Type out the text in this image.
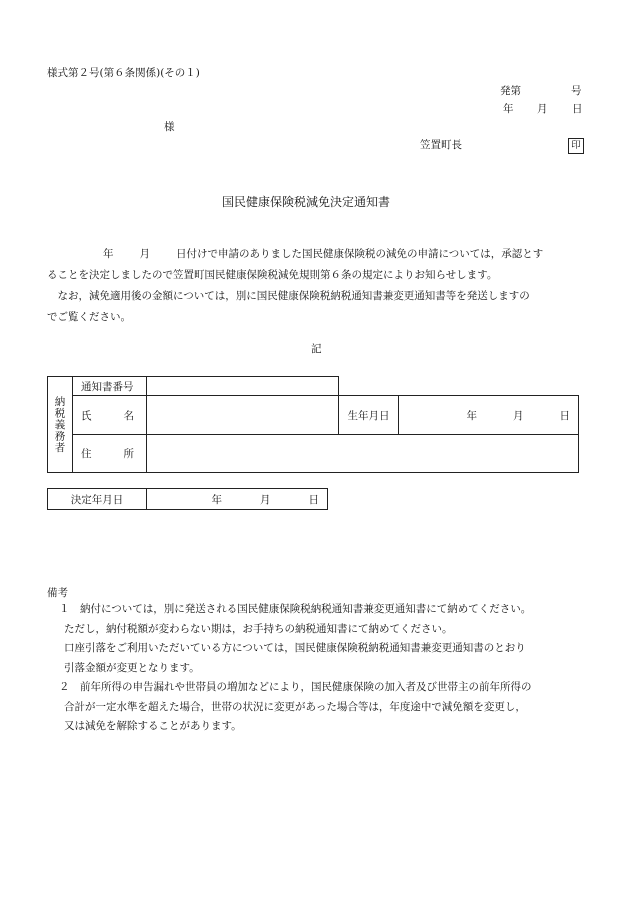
様式第２号(第６条関係)(その１)
発第	号
年 月 日
様
笠置町長	印
国民健康保険税減免決定通知書

年 月 日付けで申請のありました国民健康保険税の減免の申請については，承認とす

ることを決定しましたので笠置町国民健康保険税減免規則第６条の規定によりお知らせします。

　なお，減免適用後の金額については，別に国民健康保険税納税通知書兼変更通知書等を発送しますの

でご覧ください。

記
納税義務者	通知書番号			

	氏 名		生年月日	年 月 日

	住 所			

決定年月日	年	月	日
備考

１　納付については，別に発送される国民健康保険税納税通知書兼変更通知書にて納めてください。

ただし，納付税額が変わらない期は，お手持ちの納税通知書にて納めてください。

口座引落をご利用いただいている方については，国民健康保険税納税通知書兼変更通知書のとおり

引落金額が変更となります。

２　前年所得の申告漏れや世帯員の増加などにより，国民健康保険の加入者及び世帯主の前年所得の

合計が一定水準を超えた場合，世帯の状況に変更があった場合等は，年度途中で減免額を変更し，

又は減免を解除することがあります。
